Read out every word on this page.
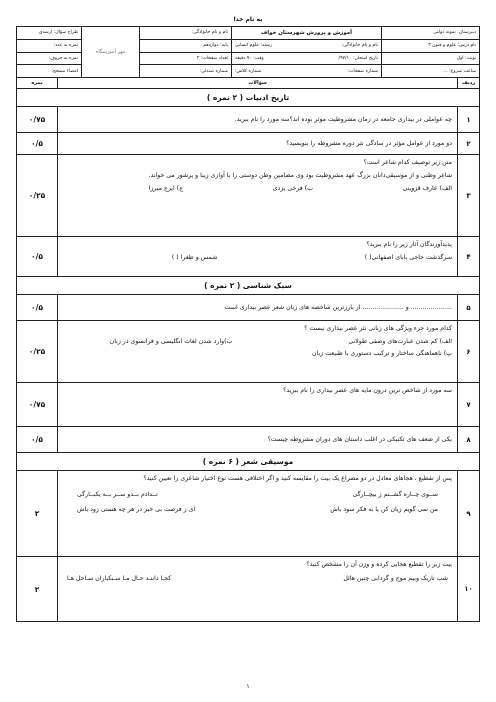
به نام خدا
دبیرستان: نمونه دولتی
نام درس: علوم و فنون ۳
نوبت: اول
ساعت شروع: ...
آموزش و پرورش شهرستان خواف
نام و نام خانوادگی:
رشته: علوم انسانی
تاریخ امتحان: ۹۷/۱۰/
وقت: ۷۰ دقیقه
شماره صفحات:
شماره کلاس:
نام و نام خانوادگی:
پایه: دوازدهم
تعداد صفحات: ۲
شماره صندلی:
مهر آموزشگاه
طراح سؤال: ارشدی
نمره به عدد:
نمره به حروف:
امضاء مصحح:
ردیف
سؤالات
نمره
تاریخ ادبیات ( ۲ نمره )
۱
چه عواملی در بیداری جامعه در زمان مشروطیت موثر بوده اند؟سه مورد را نام ببرید.
۰/۷۵
۲
دو مورد از عوامل مؤثر در سادگی نثر دوره مشروطه را بنویسید؟
۰/۵
۳
متن زیر توصیف کدام شاعر است؟
شاعر وطنی و از موسیقی‌دانان بزرگ عهد مشروطیت بود وی مضامین وطن دوستی را با آوازی زیبا و پرشور می خواند.
الف) عارف قزوینی
ب) فرخی یزدی
ج) ایرج میرزا
۰/۲۵
۴
پدیدآورندگان آثار زیر را نام ببرید؟
سرگذشت حاجی بابای اصفهانی( )
شمس و طغرا ( )
۰/۵
سبک شناسی ( ۲ نمره )
۵
..................... و ..................... از بارزترین شاخصه های زبان شعر عصر بیداری است
۰/۵
۶
کدام مورد جزء ویژگی های زبانی نثر عصر بیداری نیست ؟
الف) کم شدن عبارت‌های وصفی طولانی
ب)وارد شدن لغات انگلیسی و فرانسوی در زبان
پ) ناهماهنگی ساختار و ترکیب دستوری با طبیعت زبان
۰/۲۵
۷
سه مورد از شاخص ترین درون مایه های عصر بیداری را نام ببرید؟
۰/۷۵
۸
یکی از ضعف های تکنیکی در اغلب داستان های دوران مشروطه چیست؟
۰/۵
موسیقی شعر ( ۶ نمره )
۹
پس از تقطیع ، هجاهای معادل در دو مصراع یک بیت را مقایسه کنید و اگر اختلافی هست نوع اختیار شاعری را تعیین کنید؟
ســوی چــاره گشــتم ز بیچــارگی
تــدادم بــدو ســر بــه یکبــارگی
من نمی گویم زیان کن یا به فکر سود باش
ای ز فرصت بی خبر در هر چه هستی زود باش
۲
۱۰
بیت زیر را تقطیع هجایی کرده و وزن آن را مشخص کنید؟
شب تاریک وبیم موج و گردابی چنین هائل
کجـا داننـد حـال مـا سـبکباران سـاحل هـا
۲
۱
